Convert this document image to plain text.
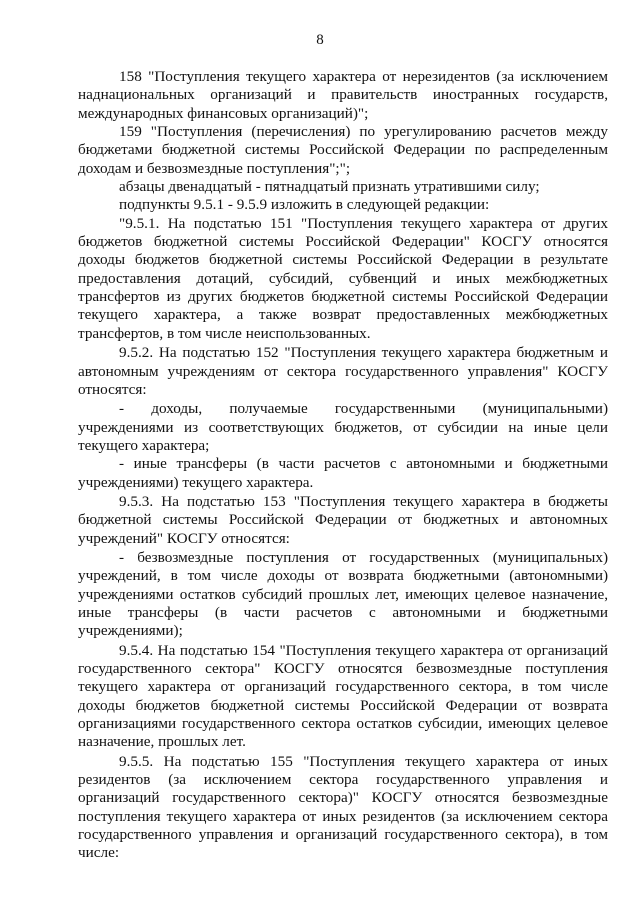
8

158 "Поступления текущего характера от нерезидентов (за исключением наднациональных организаций и правительств иностранных государств, международных финансовых организаций)";

159 "Поступления (перечисления) по урегулированию расчетов между бюджетами бюджетной системы Российской Федерации по распределенным доходам и безвозмездные поступления";";

абзацы двенадцатый - пятнадцатый признать утратившими силу;

подпункты 9.5.1 - 9.5.9 изложить в следующей редакции:

"9.5.1. На подстатью 151 "Поступления текущего характера от других бюджетов бюджетной системы Российской Федерации" КОСГУ относятся доходы бюджетов бюджетной системы Российской Федерации в результате предоставления дотаций, субсидий, субвенций и иных межбюджетных трансфертов из других бюджетов бюджетной системы Российской Федерации текущего характера, а также возврат предоставленных межбюджетных трансфертов, в том числе неиспользованных.

9.5.2. На подстатью 152 "Поступления текущего характера бюджетным и автономным учреждениям от сектора государственного управления" КОСГУ относятся:

- доходы, получаемые государственными (муниципальными) учреждениями из соответствующих бюджетов, от субсидии на иные цели текущего характера;

- иные трансферы (в части расчетов с автономными и бюджетными учреждениями) текущего характера.

9.5.3. На подстатью 153 "Поступления текущего характера в бюджеты бюджетной системы Российской Федерации от бюджетных и автономных учреждений" КОСГУ относятся:

- безвозмездные поступления от государственных (муниципальных) учреждений, в том числе доходы от возврата бюджетными (автономными) учреждениями остатков субсидий прошлых лет, имеющих целевое назначение, иные трансферы (в части расчетов с автономными и бюджетными учреждениями);

9.5.4. На подстатью 154 "Поступления текущего характера от организаций государственного сектора" КОСГУ относятся безвозмездные поступления текущего характера от организаций государственного сектора, в том числе доходы бюджетов бюджетной системы Российской Федерации от возврата организациями государственного сектора остатков субсидии, имеющих целевое назначение, прошлых лет.

9.5.5. На подстатью 155 "Поступления текущего характера от иных резидентов (за исключением сектора государственного управления и организаций государственного сектора)" КОСГУ относятся безвозмездные поступления текущего характера от иных резидентов (за исключением сектора государственного управления и организаций государственного сектора), в том числе:
